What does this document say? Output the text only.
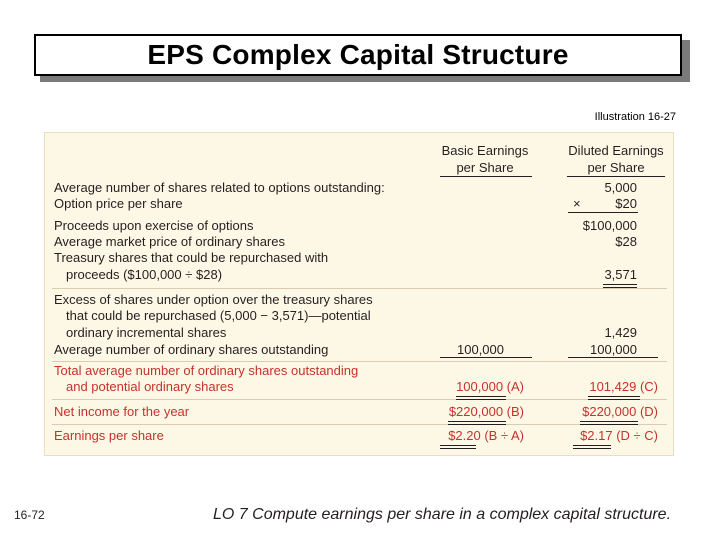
EPS Complex Capital Structure
Illustration 16-27
Basic Earnings
per Share
Diluted Earnings
per Share
Average number of shares related to options outstanding:
Option price per share
Proceeds upon exercise of options
Average market price of ordinary shares
Treasury shares that could be repurchased with
proceeds ($100,000 ÷ $28)
Excess of shares under option over the treasury shares
that could be repurchased (5,000 − 3,571)—potential
ordinary incremental shares
Average number of ordinary shares outstanding
Total average number of ordinary shares outstanding
and potential ordinary shares
Net income for the year
Earnings per share
5,000
×	$20
$100,000
$28
3,571
1,429
100,000
101,429 (C)
$220,000 (D)
$2.17 (D ÷ C)
100,000
100,000 (A)
$220,000 (B)
$2.20 (B ÷ A)
16-72	LO 7 Compute earnings per share in a complex capital structure.
